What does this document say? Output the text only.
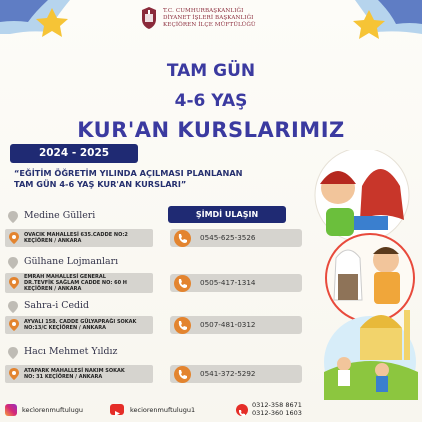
T.C. CUMHURBAŞKANLIĞI
DİYANET İŞLERİ BAŞKANLIĞI
KEÇİÖREN İLÇE MÜFTÜLÜĞÜ
TAM GÜN
4-6 YAŞ
KUR'AN KURSLARIMIZ
2024 - 2025
“EĞİTİM ÖĞRETİM YILINDA AÇILMASI PLANLANAN
TAM GÜN 4-6 YAŞ KUR'AN KURSLARI”
ŞİMDİ ULAŞIN
Medine Gülleri
OVACIK MAHALLESİ 635.CADDE NO:2
KEÇİÖREN / ANKARA	0545-625-3526
Gülhane Lojmanları
EMRAH MAHALLESİ GENERAL
DR.TEVFİK SAĞLAM CADDE NO: 60 H
KEÇİÖREN / ANKARA
0505-417-1314
Sahra-i Cedid
AYVALI 158. CADDE GÜLYAPRAĞI SOKAK
NO:13/C KEÇİÖREN / ANKARA	0507-481-0312
Hacı Mehmet Yıldız
ATAPARK MAHALLESİ NAKIM SOKAK
NO: 31 KEÇİÖREN / ANKARA	0541-372-5292
kecìorenmuftulugu	keciorenmuftulugu1
0312-358 8671
0312-360 1603
